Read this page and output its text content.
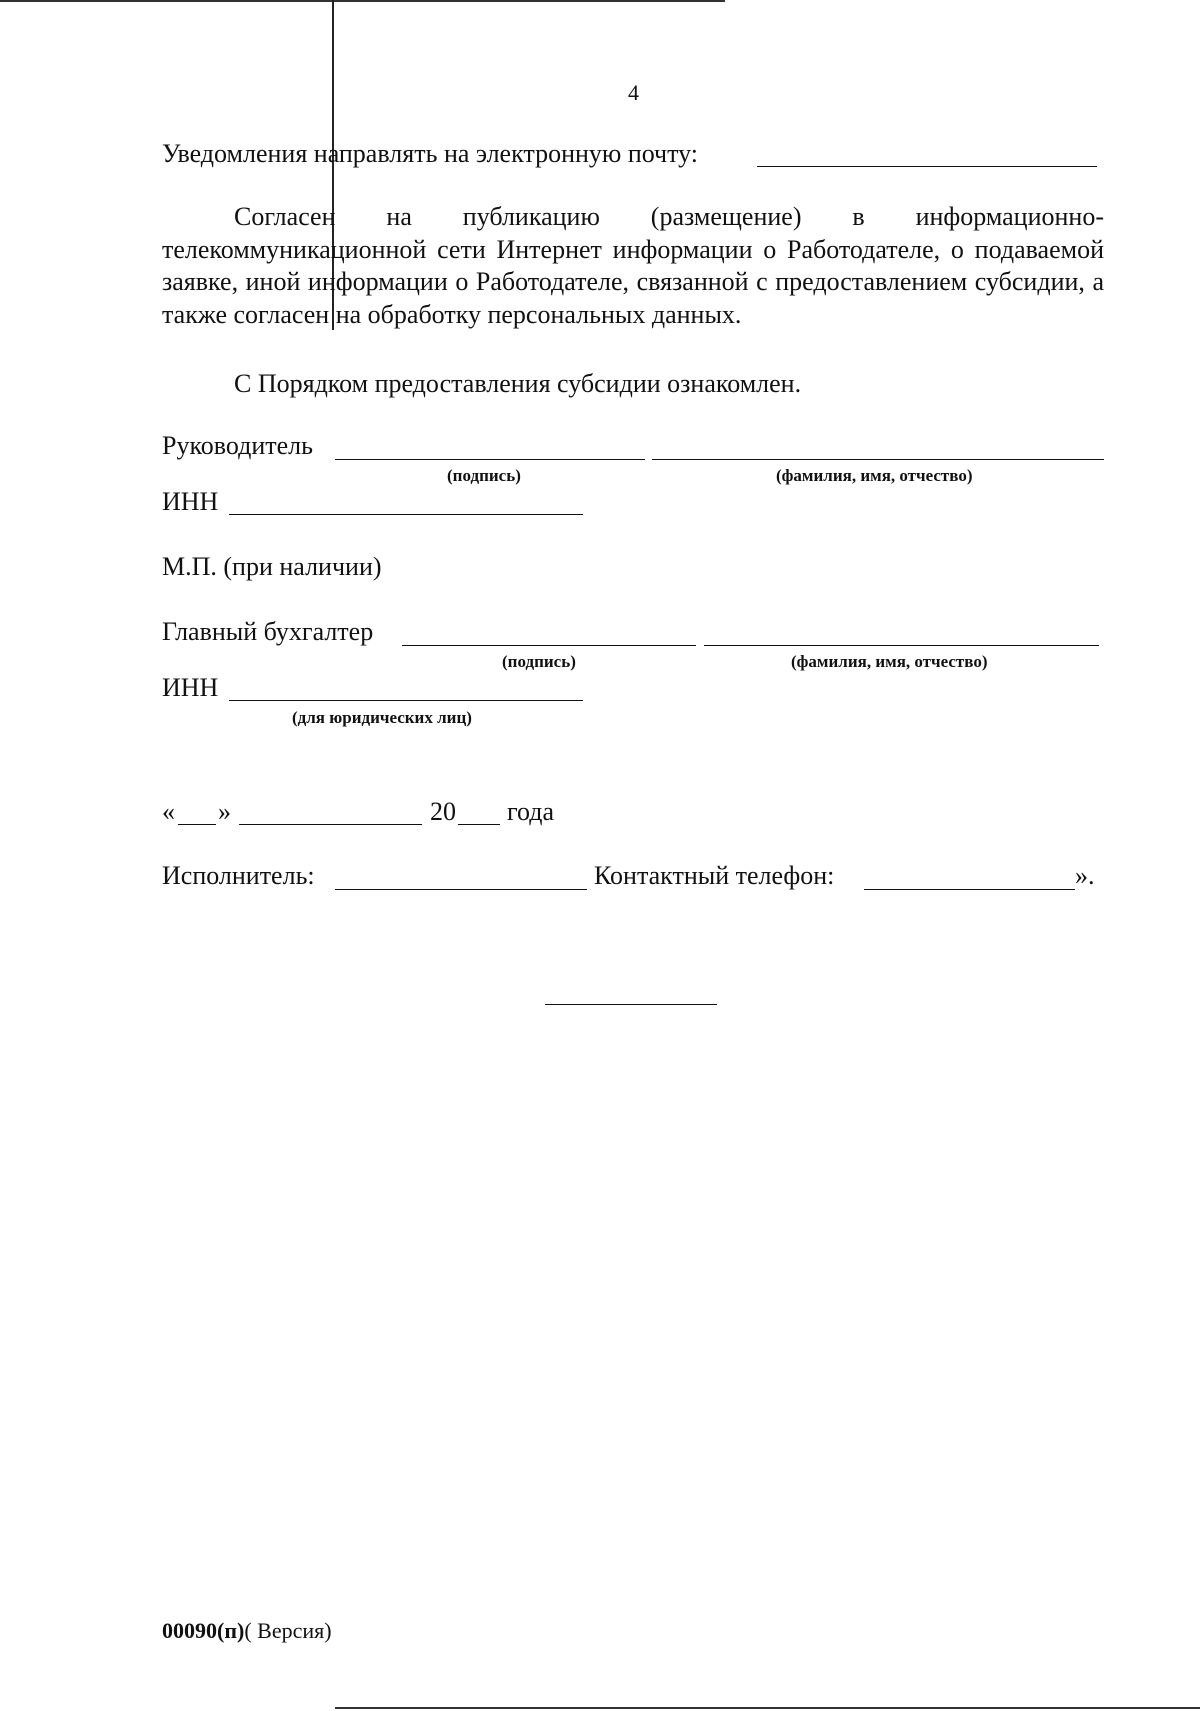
4
Уведомления направлять на электронную почту:
Согласен на публикацию (размещение) в информационно-телекоммуникационной сети Интернет информации о Работодателе, о подаваемой заявке, иной информации о Работодателе, связанной с предоставлением субсидии, а также согласен на обработку персональных данных.
С Порядком предоставления субсидии ознакомлен.
Руководитель
(подпись)	(фамилия, имя, отчество)
ИНН
М.П. (при наличии)
Главный бухгалтер
(подпись)	(фамилия, имя, отчество)
ИНН
(для юридических лиц)
« »	20 года
Исполнитель:	Контактный телефон:	».
00090(п)( Версия)
